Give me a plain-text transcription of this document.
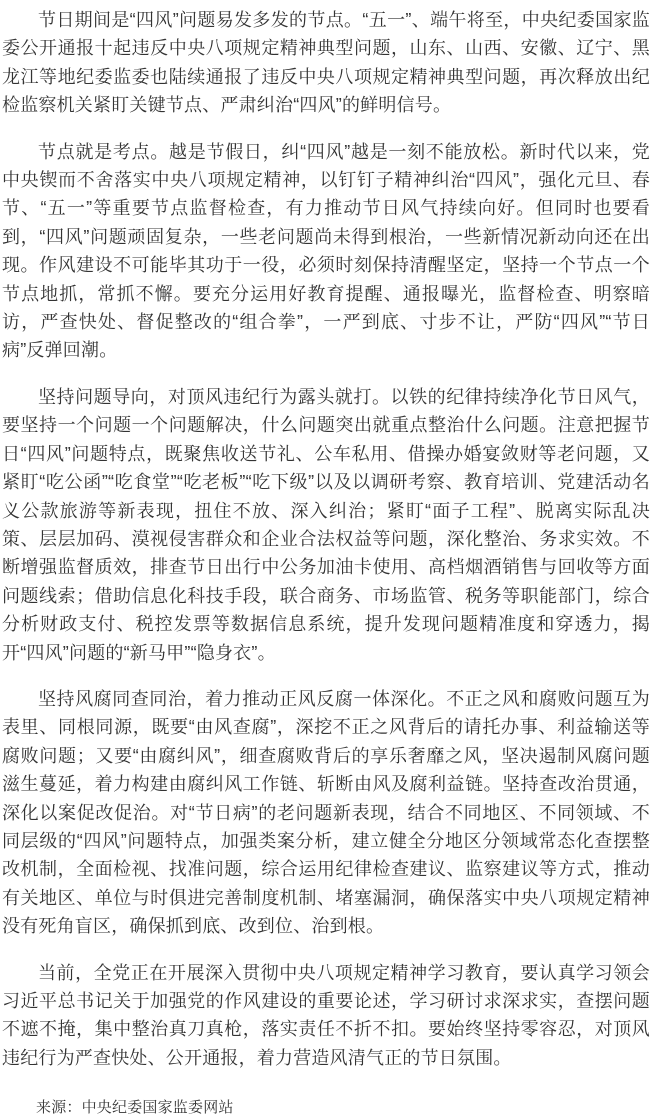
节日期间是“四风”问题易发多发的节点。“五一”、端午将至，中央纪委国家监委公开通报十起违反中央八项规定精神典型问题，山东、山西、安徽、辽宁、黑龙江等地纪委监委也陆续通报了违反中央八项规定精神典型问题，再次释放出纪检监察机关紧盯关键节点、严肃纠治“四风”的鲜明信号。

节点就是考点。越是节假日，纠“四风”越是一刻不能放松。新时代以来，党中央锲而不舍落实中央八项规定精神，以钉钉子精神纠治“四风”，强化元旦、春节、“五一”等重要节点监督检查，有力推动节日风气持续向好。但同时也要看到，“四风”问题顽固复杂，一些老问题尚未得到根治，一些新情况新动向还在出现。作风建设不可能毕其功于一役，必须时刻保持清醒坚定，坚持一个节点一个节点地抓，常抓不懈。要充分运用好教育提醒、通报曝光，监督检查、明察暗访，严查快处、督促整改的“组合拳”，一严到底、寸步不让，严防“四风”“节日病”反弹回潮。

坚持问题导向，对顶风违纪行为露头就打。以铁的纪律持续净化节日风气，要坚持一个问题一个问题解决，什么问题突出就重点整治什么问题。注意把握节日“四风”问题特点，既聚焦收送节礼、公车私用、借操办婚宴敛财等老问题，又紧盯“吃公函”“吃食堂”“吃老板”“吃下级”以及以调研考察、教育培训、党建活动名义公款旅游等新表现，扭住不放、深入纠治；紧盯“面子工程”、脱离实际乱决策、层层加码、漠视侵害群众和企业合法权益等问题，深化整治、务求实效。不断增强监督质效，排查节日出行中公务加油卡使用、高档烟酒销售与回收等方面问题线索；借助信息化科技手段，联合商务、市场监管、税务等职能部门，综合分析财政支付、税控发票等数据信息系统，提升发现问题精准度和穿透力，揭开“四风”问题的“新马甲”“隐身衣”。

坚持风腐同查同治，着力推动正风反腐一体深化。不正之风和腐败问题互为表里、同根同源，既要“由风查腐”，深挖不正之风背后的请托办事、利益输送等腐败问题；又要“由腐纠风”，细查腐败背后的享乐奢靡之风，坚决遏制风腐问题滋生蔓延，着力构建由腐纠风工作链、斩断由风及腐利益链。坚持查改治贯通，深化以案促改促治。对“节日病”的老问题新表现，结合不同地区、不同领域、不同层级的“四风”问题特点，加强类案分析，建立健全分地区分领域常态化查摆整改机制，全面检视、找准问题，综合运用纪律检查建议、监察建议等方式，推动有关地区、单位与时俱进完善制度机制、堵塞漏洞，确保落实中央八项规定精神没有死角盲区，确保抓到底、改到位、治到根。

当前，全党正在开展深入贯彻中央八项规定精神学习教育，要认真学习领会习近平总书记关于加强党的作风建设的重要论述，学习研讨求深求实，查摆问题不遮不掩，集中整治真刀真枪，落实责任不折不扣。要始终坚持零容忍，对顶风违纪行为严查快处、公开通报，着力营造风清气正的节日氛围。

来源：中央纪委国家监委网站
